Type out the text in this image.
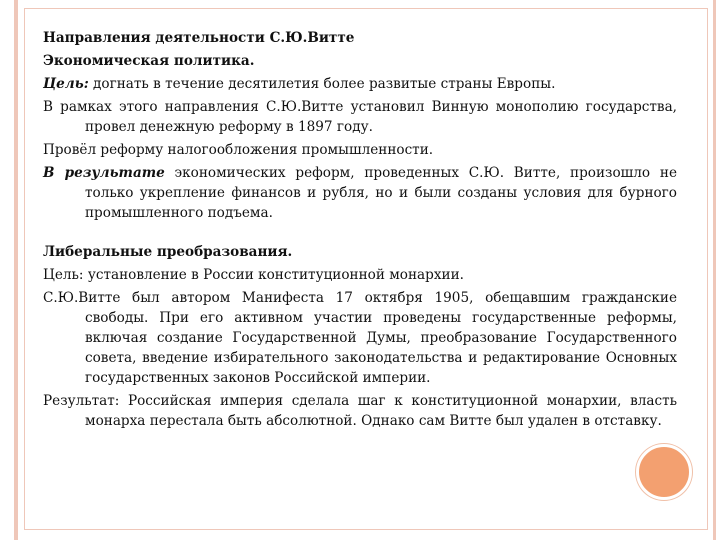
Направления деятельности С.Ю.Витте

Экономическая политика.

Цель: догнать в течение десятилетия более развитые страны Европы.

В рамках этого направления С.Ю.Витте установил Винную монополию государства, провел денежную реформу в 1897 году.

Провёл реформу налогообложения промышленности.

В результате экономических реформ, проведенных С.Ю. Витте, произошло не только укрепление финансов и рубля, но и были созданы условия для бурного промышленного подъема.

Либеральные преобразования.

Цель: установление в России конституционной монархии.

С.Ю.Витте был автором Манифеста 17 октября 1905, обещавшим гражданские свободы. При его активном участии проведены государственные реформы, включая создание Государственной Думы, преобразование Государственного совета, введение избирательного законодательства и редактирование Основных государственных законов Российской империи.

Результат: Российская империя сделала шаг к конституционной монархии, власть монарха перестала быть абсолютной. Однако сам Витте был удален в отставку.
